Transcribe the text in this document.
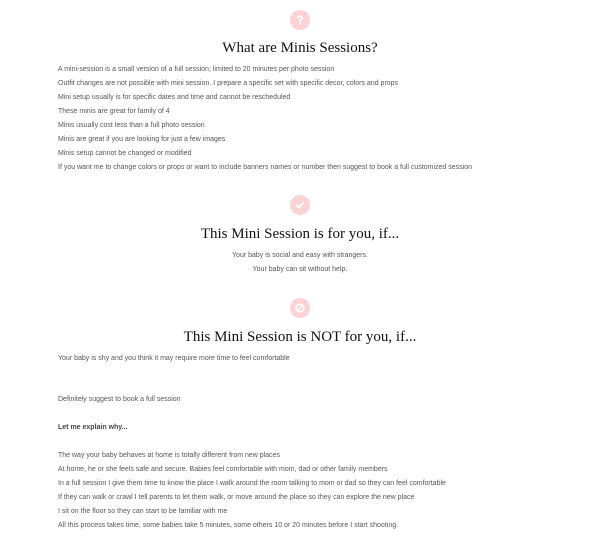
What are Minis Sessions?
A mini-session is a small version of a full session; limited to 20 minutes per photo session
Outfit changes are not possible with mini session. I prepare a specific set with specific decor, colors and props
Mini setup usually is for specific dates and time and cannot be rescheduled
These minis are great for family of 4
Minis usually cost less than a full photo session
Minis are great if you are looking for just a few images
Minis setup cannot be changed or modified
If you want me to change colors or props or want to include banners names or number then suggest to book a full customized session
This Mini Session is for you, if...
Your baby is social and easy with strangers.
Your baby can sit without help.
This Mini Session is NOT for you, if...

Your baby is shy and you think it may require more time to feel comfortable

Definitely suggest to book a full session

Let me explain why...

The way your baby behaves at home is totally different from new places
At home, he or she feels safe and secure. Babies feel comfortable with mom, dad or other family members
In a full session I give them time to know the place I walk around the room talking to mom or dad so they can feel comfortable
If they can walk or crawl I tell parents to let them walk, or move around the place so they can explore the new place
I sit on the floor so they can start to be familiar with me
All this process takes time, some babies take 5 minutes, some others 10 or 20 minutes before I start shooting.
